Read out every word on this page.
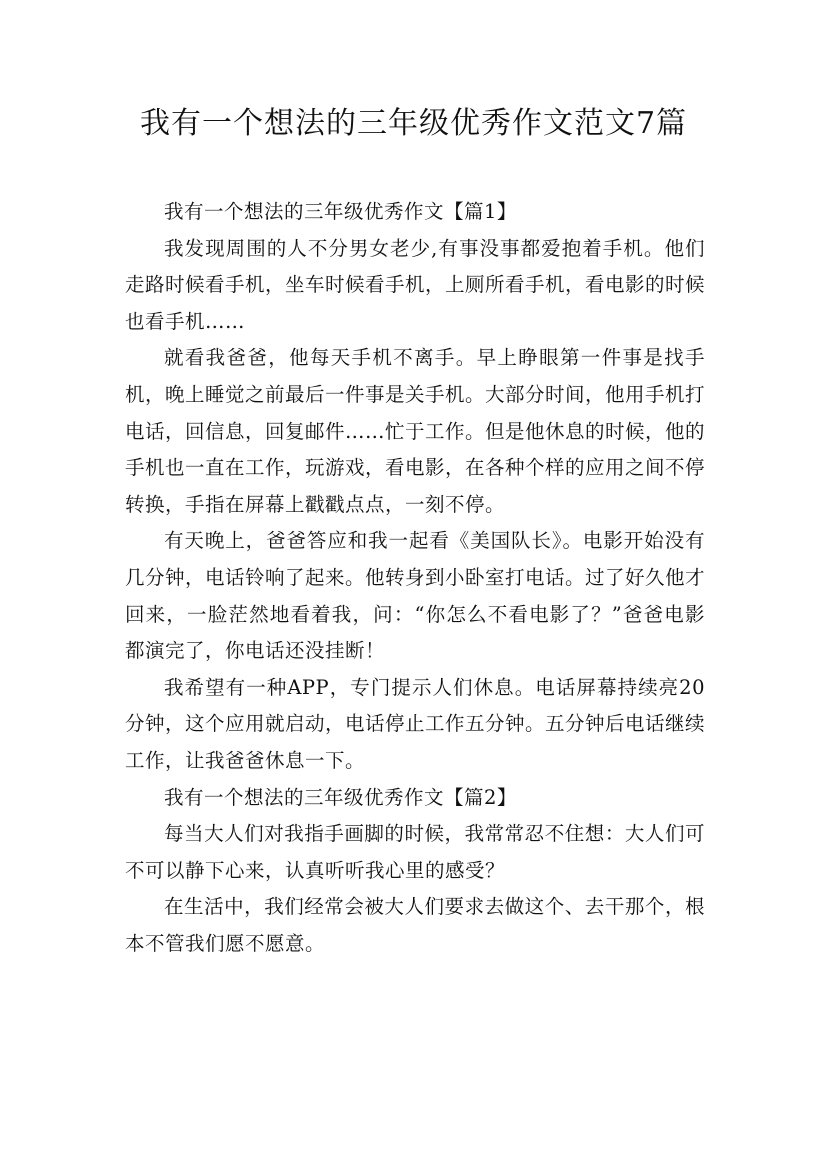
我有一个想法的三年级优秀作文范文7篇

我有一个想法的三年级优秀作文【篇1】

我发现周围的人不分男女老少,有事没事都爱抱着手机。他们走路时候看手机，坐车时候看手机，上厕所看手机，看电影的时候也看手机……

就看我爸爸，他每天手机不离手。早上睁眼第一件事是找手机，晚上睡觉之前最后一件事是关手机。大部分时间，他用手机打电话，回信息，回复邮件……忙于工作。但是他休息的时候，他的手机也一直在工作，玩游戏，看电影，在各种个样的应用之间不停转换，手指在屏幕上戳戳点点，一刻不停。

有天晚上，爸爸答应和我一起看《美国队长》。电影开始没有几分钟，电话铃响了起来。他转身到小卧室打电话。过了好久他才回来，一脸茫然地看着我，问：“你怎么不看电影了？”爸爸电影都演完了，你电话还没挂断！

我希望有一种APP，专门提示人们休息。电话屏幕持续亮20分钟，这个应用就启动，电话停止工作五分钟。五分钟后电话继续工作，让我爸爸休息一下。

我有一个想法的三年级优秀作文【篇2】

每当大人们对我指手画脚的时候，我常常忍不住想：大人们可不可以静下心来，认真听听我心里的感受？

在生活中，我们经常会被大人们要求去做这个、去干那个，根本不管我们愿不愿意。
